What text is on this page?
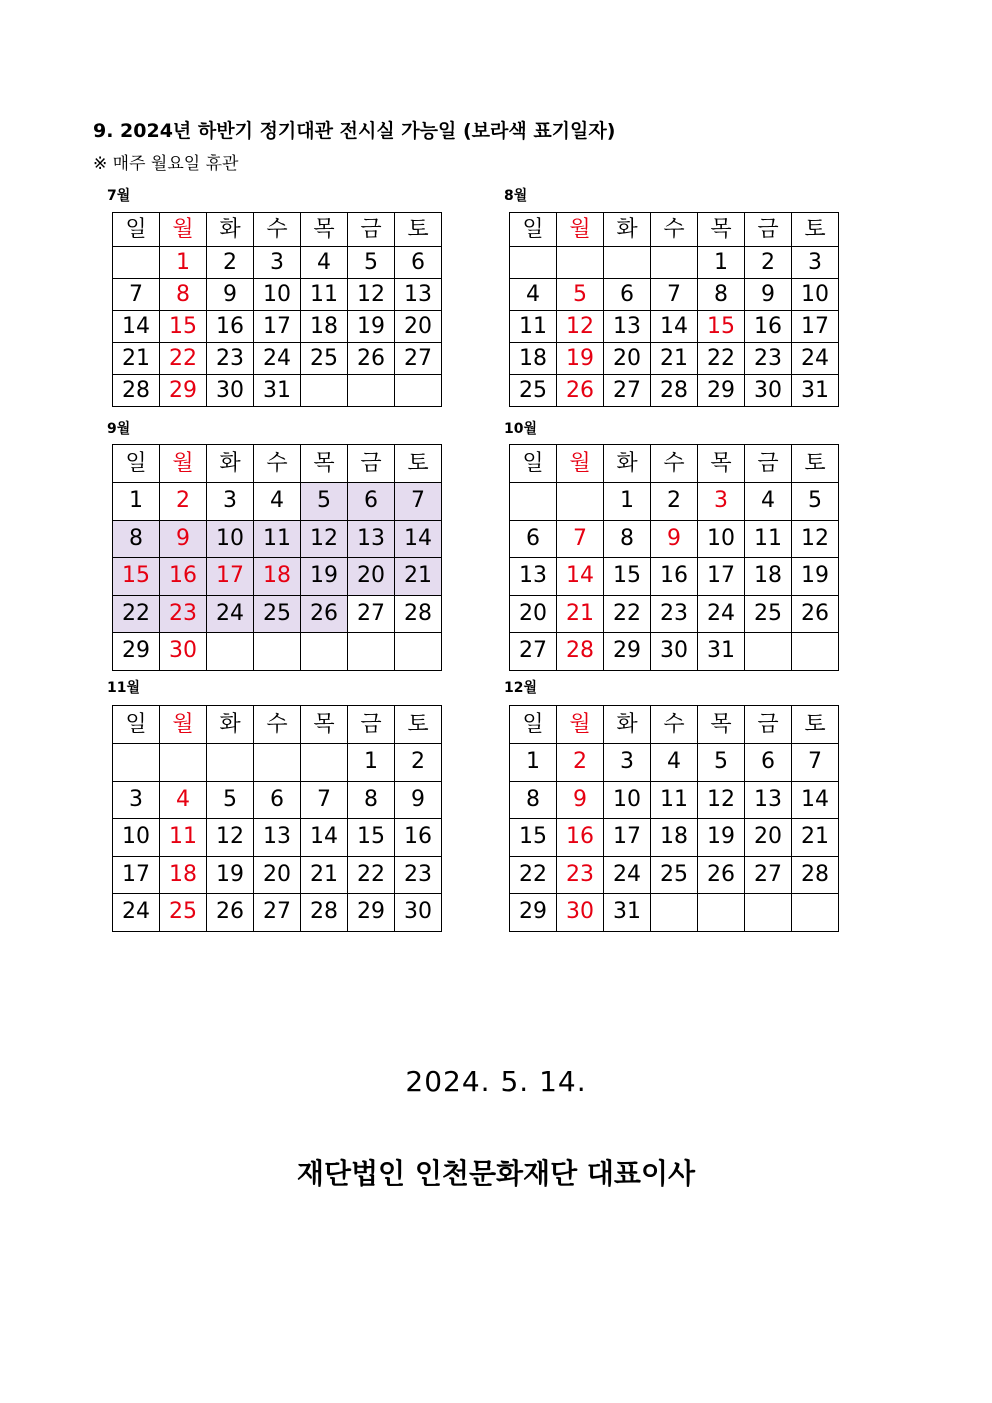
9. 2024년 하반기 정기대관 전시실 가능일 (보라색 표기일자)
※ 매주 월요일 휴관
7월
일	월	화	수	목	금	토
	1	2	3	4	5	6
7	8	9	10	11	12	13
14	15	16	17	18	19	20
21	22	23	24	25	26	27
28	29	30	31			
8월
일	월	화	수	목	금	토
				1	2	3
4	5	6	7	8	9	10
11	12	13	14	15	16	17
18	19	20	21	22	23	24
25	26	27	28	29	30	31
9월
일	월	화	수	목	금	토
1	2	3	4	5	6	7
8	9	10	11	12	13	14
15	16	17	18	19	20	21
22	23	24	25	26	27	28
29	30					
10월
일	월	화	수	목	금	토
		1	2	3	4	5
6	7	8	9	10	11	12
13	14	15	16	17	18	19
20	21	22	23	24	25	26
27	28	29	30	31		
11월
일	월	화	수	목	금	토
					1	2
3	4	5	6	7	8	9
10	11	12	13	14	15	16
17	18	19	20	21	22	23
24	25	26	27	28	29	30
12월
일	월	화	수	목	금	토
1	2	3	4	5	6	7
8	9	10	11	12	13	14
15	16	17	18	19	20	21
22	23	24	25	26	27	28
29	30	31				
2024. 5. 14.
재단법인 인천문화재단 대표이사
